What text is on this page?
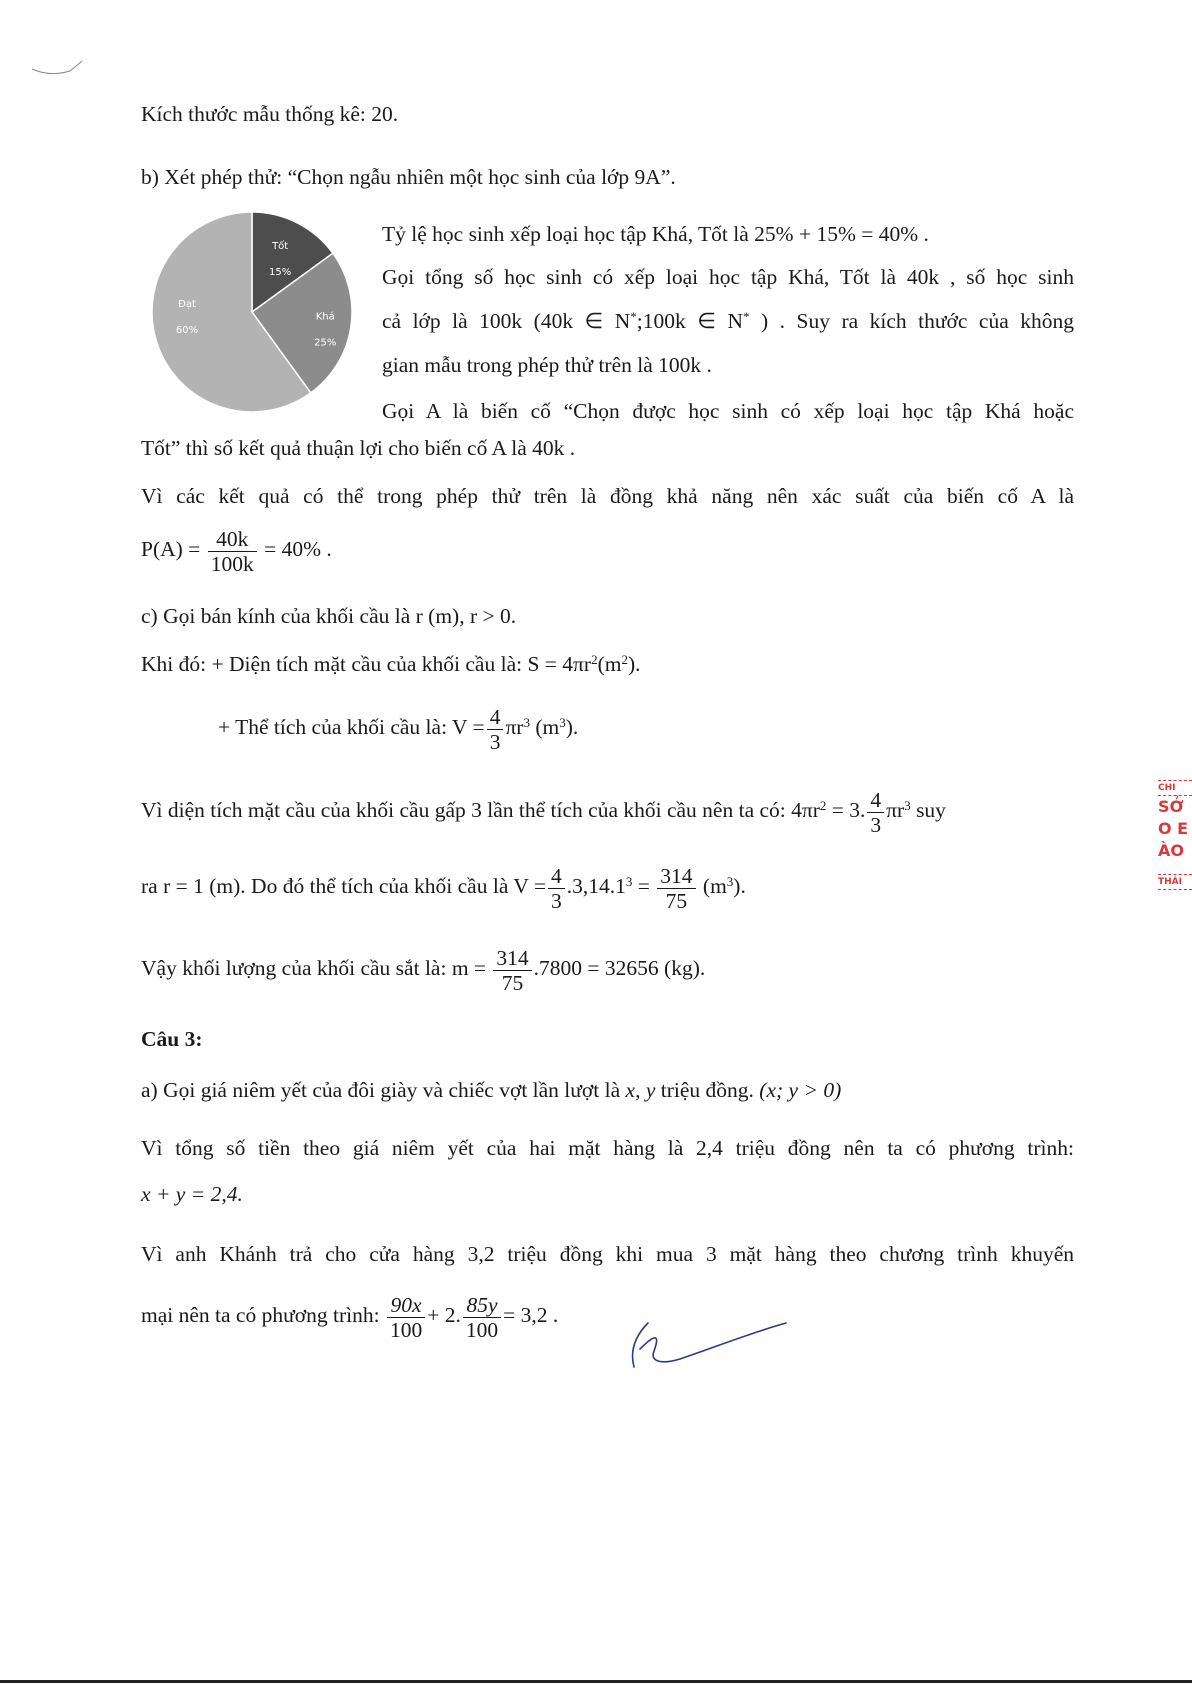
Kích thước mẫu thống kê: 20.
b) Xét phép thử: “Chọn ngẫu nhiên một học sinh của lớp 9A”.
Tốt
15%
Khá
25%
Đạt
60%
Tỷ lệ học sinh xếp loại học tập Khá, Tốt là 25% + 15% = 40% .
Gọi tổng số học sinh có xếp loại học tập Khá, Tốt là 40k , số học sinh
cả lớp là 100k (40k ∈ N*;100k ∈ N* ) . Suy ra kích thước của không
gian mẫu trong phép thử trên là 100k .
Gọi A là biến cố “Chọn được học sinh có xếp loại học tập Khá hoặc
Tốt” thì số kết quả thuận lợi cho biến cố A là 40k .
Vì các kết quả có thể trong phép thử trên là đồng khả năng nên xác suất của biến cố A là
$P(A) = \frac{40k}{100k} = 40\%$ .
c) Gọi bán kính của khối cầu là r (m), r > 0.
Khi đó: + Diện tích mặt cầu của khối cầu là: $S = 4\pi r^2(m^2)$.
+ Thể tích của khối cầu là: $V = \frac{4}{3} \pi r^3$ $(m^3)$.
Vì diện tích mặt cầu của khối cầu gấp 3 lần thể tích của khối cầu nên ta có: $4\pi r^2 = 3$. $\frac{4}{3} \pi r^3$ suy
ra r = 1 (m). Do đó thể tích của khối cầu là $V = \frac{4}{3} .3,14.1^3 = \frac{314}{75} (m^3)$.
Vậy khối lượng của khối cầu sắt là: $m = \frac{314}{75} .7800 = 32656$ (kg).
Câu 3:
a) Gọi giá niêm yết của đôi giày và chiếc vợt lần lượt là x, y triệu đồng. (x; y > 0)
Vì tổng số tiền theo giá niêm yết của hai mặt hàng là 2,4 triệu đồng nên ta có phương trình:
x + y = 2,4.
Vì anh Khánh trả cho cửa hàng 3,2 triệu đồng khi mua 3 mặt hàng theo chương trình khuyến
mại nên ta có phương trình: $\frac{90x}{100} + 2$. $\frac{85y}{100} = 3,2$ .
CHI
SỞ
O E
ÀO
THÁI
